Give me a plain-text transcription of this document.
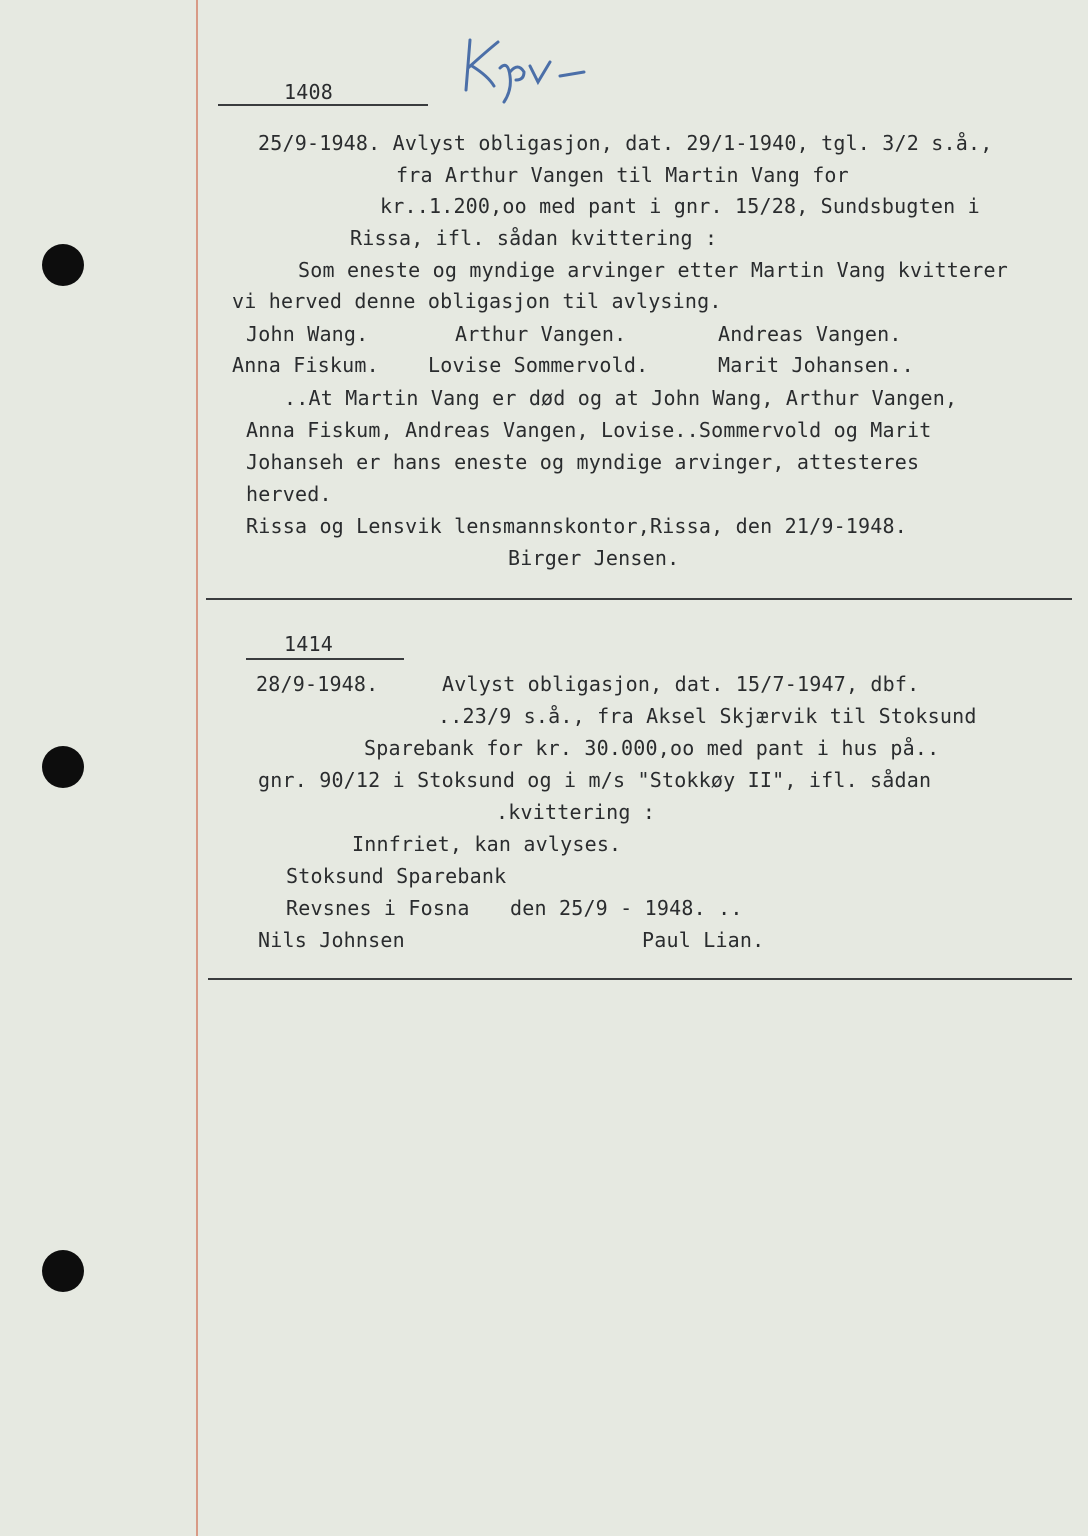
1408
25/9-1948. Avlyst obligasjon, dat. 29/1-1940, tgl. 3/2 s.å.,
fra Arthur Vangen til Martin Vang for
kr..1.200,oo med pant i gnr. 15/28, Sundsbugten i
Rissa, ifl. sådan kvittering :
Som eneste og myndige arvinger etter Martin Vang kvitterer
vi herved denne obligasjon til avlysing.
John Wang.	Arthur Vangen.	Andreas Vangen.
Anna Fiskum. Lovise Sommervold.	Marit Johansen..
..At Martin Vang er død og at John Wang, Arthur Vangen,
Anna Fiskum, Andreas Vangen, Lovise..Sommervold og Marit
Johanseh er hans eneste og myndige arvinger, attesteres
herved.
Rissa og Lensvik lensmannskontor,Rissa, den 21/9-1948.
Birger Jensen.
1414
28/9-1948.	Avlyst obligasjon, dat. 15/7-1947, dbf.
..23/9 s.å., fra Aksel Skjærvik til Stoksund
Sparebank for kr. 30.000,oo med pant i hus på..
gnr. 90/12 i Stoksund og i m/s "Stokkøy II", ifl. sådan
.kvittering :
Innfriet, kan avlyses.
Stoksund Sparebank
Revsnes i Fosna den 25/9 - 1948. ..
Nils Johnsen	Paul Lian.
